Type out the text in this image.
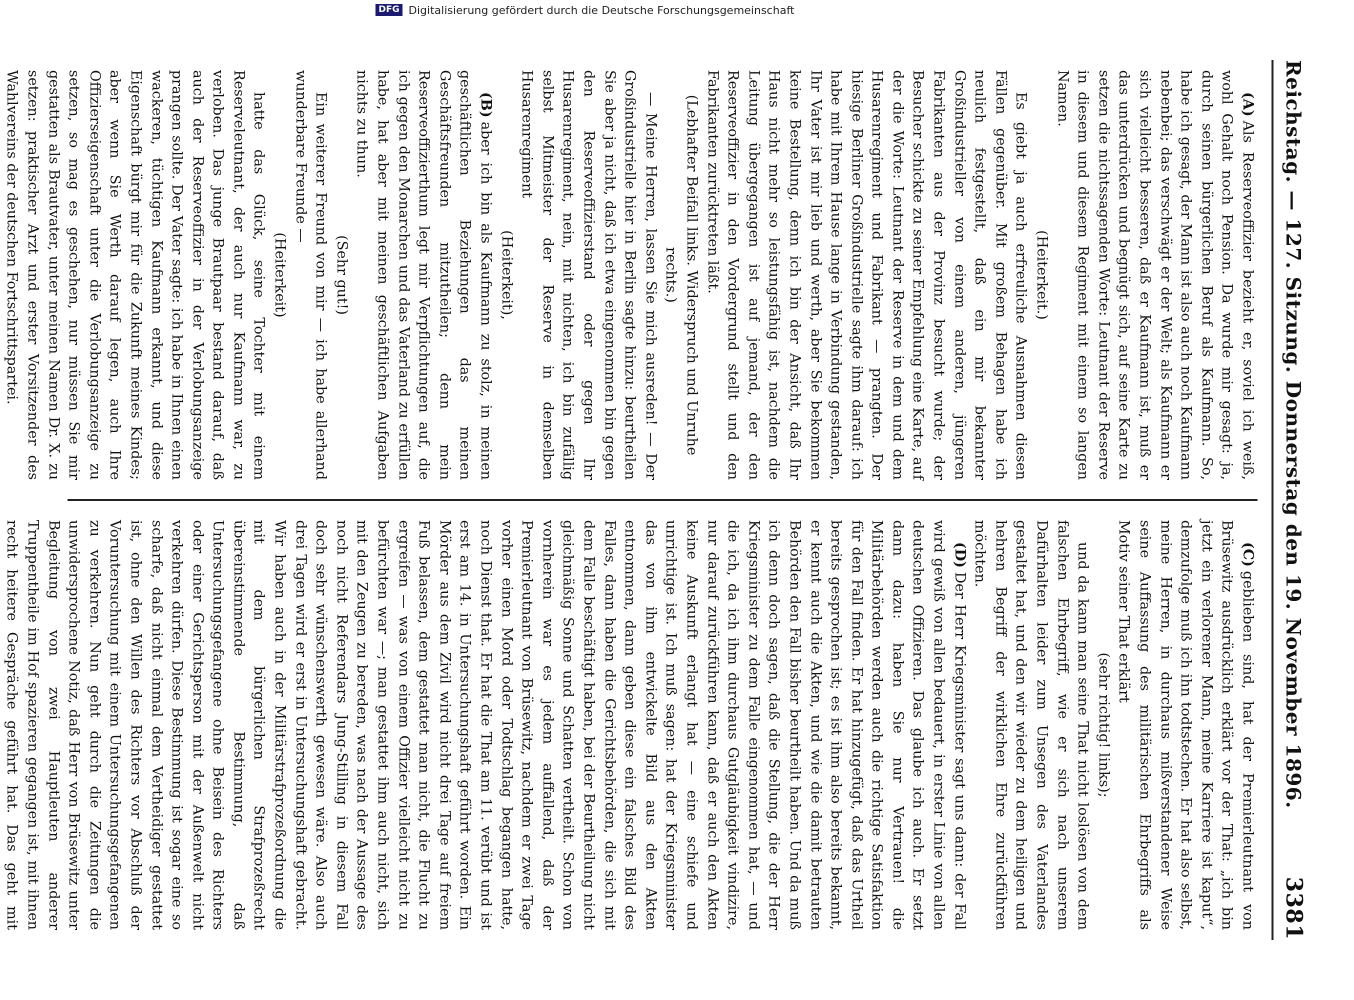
Reichstag. — 127. Sitzung. Donnerstag den 19. November 1896.
3381

(A)Als Reserveoffizier bezieht er, soviel ich weiß, wohl Gehalt noch Pension. Da wurde mir gesagt: ja, durch seinen bürgerlichen Beruf als Kaufmann. So, habe ich gesagt, der Mann ist also auch noch Kaufmann nebenbei; das verschwägt er der Welt; als Kaufmann er sich vielleicht besseren, daß er Kaufmann ist, muß er das unterdrücken und begnügt sich, auf seine Karte zu setzen die nichtssagenden Worte: Leutnant der Reserve in diesem und diesem Regiment mit einem so langen Namen.

(Heiterkeit.)

Es giebt ja auch erfreuliche Ausnahmen diesen Fällen gegenüber. Mit großem Behagen habe ich neulich festgestellt, daß ein mir bekannter Großindustrieller von einem anderen, jüngeren Fabrikanten aus der Provinz besucht wurde; der Besucher schickte zu seiner Empfehlung eine Karte, auf der die Worte: Leutnant der Reserve in dem und dem Husarenregiment und Fabrikant — prangten. Der hiesige Berliner Großindustrielle sagte ihm darauf: ich habe mit Ihrem Hause lange in Verbindung gestanden, Ihr Vater ist mir lieb und werth, aber Sie bekommen keine Bestellung, denn ich bin der Ansicht, daß Ihr Haus nicht mehr so leistungsfähig ist, nachdem die Leitung übergegangen ist auf jemand, der den Reserveoffizier in den Vordergrund stellt und den Fabrikanten zurücktreten läßt.

(Lebhafter Beifall links. Widerspruch und Unruhe rechts.)

— Meine Herren, lassen Sie mich ausreden! — Der Großindustrielle hier in Berlin sagte hinzu: beurtheilen Sie aber ja nicht, daß ich etwa eingenommen bin gegen den Reserveoffizierstand oder gegen Ihr Husarenregiment, nein, mit nichten, ich bin zufällig selbst Mitmeister der Reserve in demselben Husarenregiment

(Heiterkeit),

(B)aber ich bin als Kaufmann zu stolz, in meinen geschäftlichen Beziehungen das meinen Geschäftsfreunden mitzutheilen; denn mein Reserveoffizierthum legt mir Verpflichtungen auf, die ich gegen den Monarchen und das Vaterland zu erfüllen habe, hat aber mit meinen geschäftlichen Aufgaben nichts zu thun.

(Sehr gut!)

Ein weiterer Freund von mir — ich habe allerhand wunderbare Freunde —

(Heiterkeit)

hatte das Glück, seine Tochter mit einem Reserveleutnant, der auch nur Kaufmann war, zu verloben. Das junge Brautpaar bestand darauf, daß auch der Reserveoffizier in der Verlobungsanzeige prangen sollte. Der Vater sagte: ich habe in Ihnen einen wackeren, tüchtigen Kaufmann erkannt, und diese Eigenschaft bürgt mir für die Zukunft meines Kindes; aber wenn Sie Werth darauf legen, auch Ihre Offizierseigenschaft unter die Verlobungsanzeige zu setzen, so mag es geschehen, nur müssen Sie mir gestatten als Brautvater, unter meinen Namen Dr. X. zu setzen: praktischer Arzt und erster Vorsitzender des Wahlvereins der deutschen Fortschrittspartei.

(C)geblieben sind, hat der Premierleutnant von Brüsewitz ausdrücklich erklärt vor der That: „ich bin jetzt ein verlorener Mann, meine Karriere ist kaput“, demzufolge muß ich ihn todtstechen. Er hat also selbst, meine Herren, in durchaus mißverstandener Weise seine Auffassung des militärischen Ehrbegriffs als Motiv seiner That erklärt

(sehr richtig! links);

und da kann man seine That nicht loslösen von dem falschen Ehrbegriff, wie er sich nach unserem Dafürhalten leider zum Unsegen des Vaterlandes gestaltet hat, und den wir wieder zu dem heiligen und hehren Begriff der wirklichen Ehre zurückführen möchten.

(D)Der Herr Kriegsminister sagt uns dann: der Fall wird gewiß von allen bedauert, in erster Linie von allen deutschen Offizieren. Das glaube ich auch. Er setzt dann dazu: haben Sie nur Vertrauen! die Militärbehörden werden auch die richtige Satisfaktion für den Fall finden. Er hat hinzugefügt, daß das Urtheil bereits gesprochen ist; es ist ihm also bereits bekannt, er kennt auch die Akten, und wie die damit betrauten Behörden den Fall bisher beurtheilt haben. Und da muß ich denn doch sagen, daß die Stellung, die der Herr Kriegsminister zu dem Falle eingenommen hat, — und die ich, da ich ihm durchaus Gutgläubigkeit vindizire, nur darauf zurückführen kann, daß er auch den Akten keine Auskunft erlangt hat — eine schiefe und unrichtige ist. Ich muß sagen: hat der Kriegsminister das von ihm entwickelte Bild aus den Akten entnommen, dann geben diese ein falsches Bild des Falles, dann haben die Gerichtsbehörden, die sich mit dem Falle beschäftigt haben, bei der Beurtheilung nicht gleichmäßig Sonne und Schatten vertheilt. Schon von vornherein war es jedem auffallend, daß der Premierleutnant von Brüsewitz, nachdem er zwei Tage vorher einen Mord oder Todtschlag begangen hatte, noch Dienst that. Er hat die That am 11. verübt und ist erst am 14. in Untersuchungshaft geführt worden. Ein Mörder aus dem Zivil wird nicht drei Tage auf freiem Fuß belassen, dem gestattet man nicht, die Flucht zu ergreifen — was von einem Offizier vielleicht nicht zu befürchten war —; man gestattet ihm auch nicht, sich mit den Zeugen zu bereden, was nach der Aussage des noch nicht Referendars Jung-Stilling in diesem Fall doch sehr wünschenswerth gewesen wäre. Also auch drei Tagen wird er erst in Untersuchungshaft gebracht. Wir haben auch in der Militärstrafprozeßordnung die mit dem bürgerlichen Strafprozeßrecht übereinstimmende Bestimmung, daß Untersuchungsgefangene ohne Beisein des Richters oder einer Gerichtsperson mit der Außenwelt nicht verkehren dürfen. Diese Bestimmung ist sogar eine so scharfe, daß nicht einmal dem Vertheidiger gestattet ist, ohne den Willen des Richters vor Abschluß der Voruntersuchung mit einem Untersuchungsgefangenen zu verkehren. Nun geht durch die Zeitungen die unwidersprochene Notiz, daß Herr von Brüsewitz unter Begleitung von zwei Hauptleuten anderer Truppentheile im Hof spazieren gegangen ist, mit ihnen recht heitere Gespräche geführt hat. Das geht mit

DFG Digitalisierung gefördert durch die Deutsche Forschungsgemeinschaft
